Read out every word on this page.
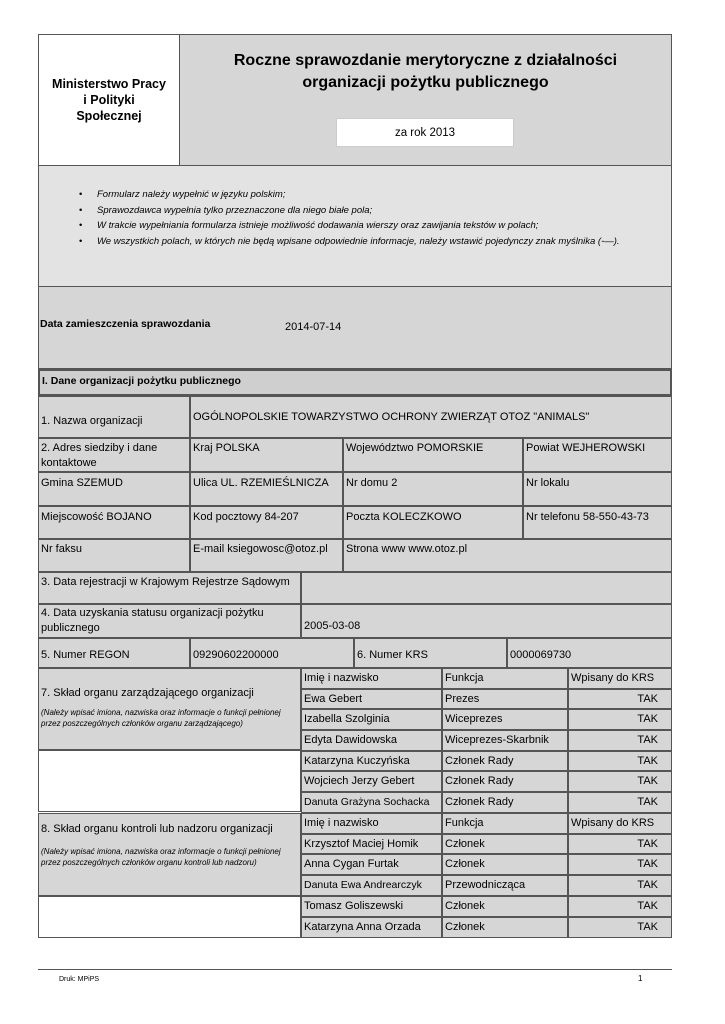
Ministerstwo Pracy i Polityki Społecznej
Roczne sprawozdanie merytoryczne z działalności organizacji pożytku publicznego
za rok 2013
• Formularz należy wypełnić w języku polskim;
• Sprawozdawca wypełnia tylko przeznaczone dla niego białe pola;
• W trakcie wypełniania formularza istnieje możliwość dodawania wierszy oraz zawijania tekstów w polach;
• We wszystkich polach, w których nie będą wpisane odpowiednie informacje, należy wstawić pojedynczy znak myślnika (-—).
Data zamieszczenia sprawozdania	2014-07-14
I. Dane organizacji pożytku publicznego
1. Nazwa organizacji	OGÓLNOPOLSKIE TOWARZYSTWO OCHRONY ZWIERZĄT OTOZ "ANIMALS"
2. Adres siedziby i dane kontaktowe
Kraj POLSKA	Województwo POMORSKIE	Powiat WEJHEROWSKI
Gmina SZEMUD	Ulica UL. RZEMIEŚLNICZA	Nr domu 2	Nr lokalu
Miejscowość BOJANO	Kod pocztowy 84-207	Poczta KOLECZKOWO	Nr telefonu 58-550-43-73
Nr faksu	E-mail ksiegowosc@otoz.pl	Strona www www.otoz.pl
3. Data rejestracji w Krajowym Rejestrze Sądowym
4. Data uzyskania statusu organizacji pożytku publicznego	2005-03-08
5. Numer REGON	09290602200000	6. Numer KRS	0000069730
7. Skład organu zarządzającego organizacji
(Należy wpisać imiona, nazwiska oraz informacje o funkcji pełnionej przez poszczególnych członków organu zarządzającego)
Imię i nazwisko	Funkcja	Wpisany do KRS
Ewa Gebert	Prezes	TAK
Izabella Szolginia	Wiceprezes	TAK
Edyta Dawidowska	Wiceprezes-Skarbnik	TAK
Katarzyna Kuczyńska	Członek Rady	TAK
Wojciech Jerzy Gebert	Członek Rady	TAK
Danuta Grażyna Sochacka	Członek Rady	TAK
8. Skład organu kontroli lub nadzoru organizacji
(Należy wpisać imiona, nazwiska oraz informacje o funkcji pełnionej przez poszczególnych członków organu kontroli lub nadzoru)
Imię i nazwisko	Funkcja	Wpisany do KRS
Krzysztof Maciej Homik	Członek	TAK
Anna Cygan Furtak	Członek	TAK
Danuta Ewa Andrearczyk	Przewodnicząca	TAK
Tomasz Goliszewski	Członek	TAK
Katarzyna Anna Orzada	Członek	TAK
Druk: MPiPS	1
